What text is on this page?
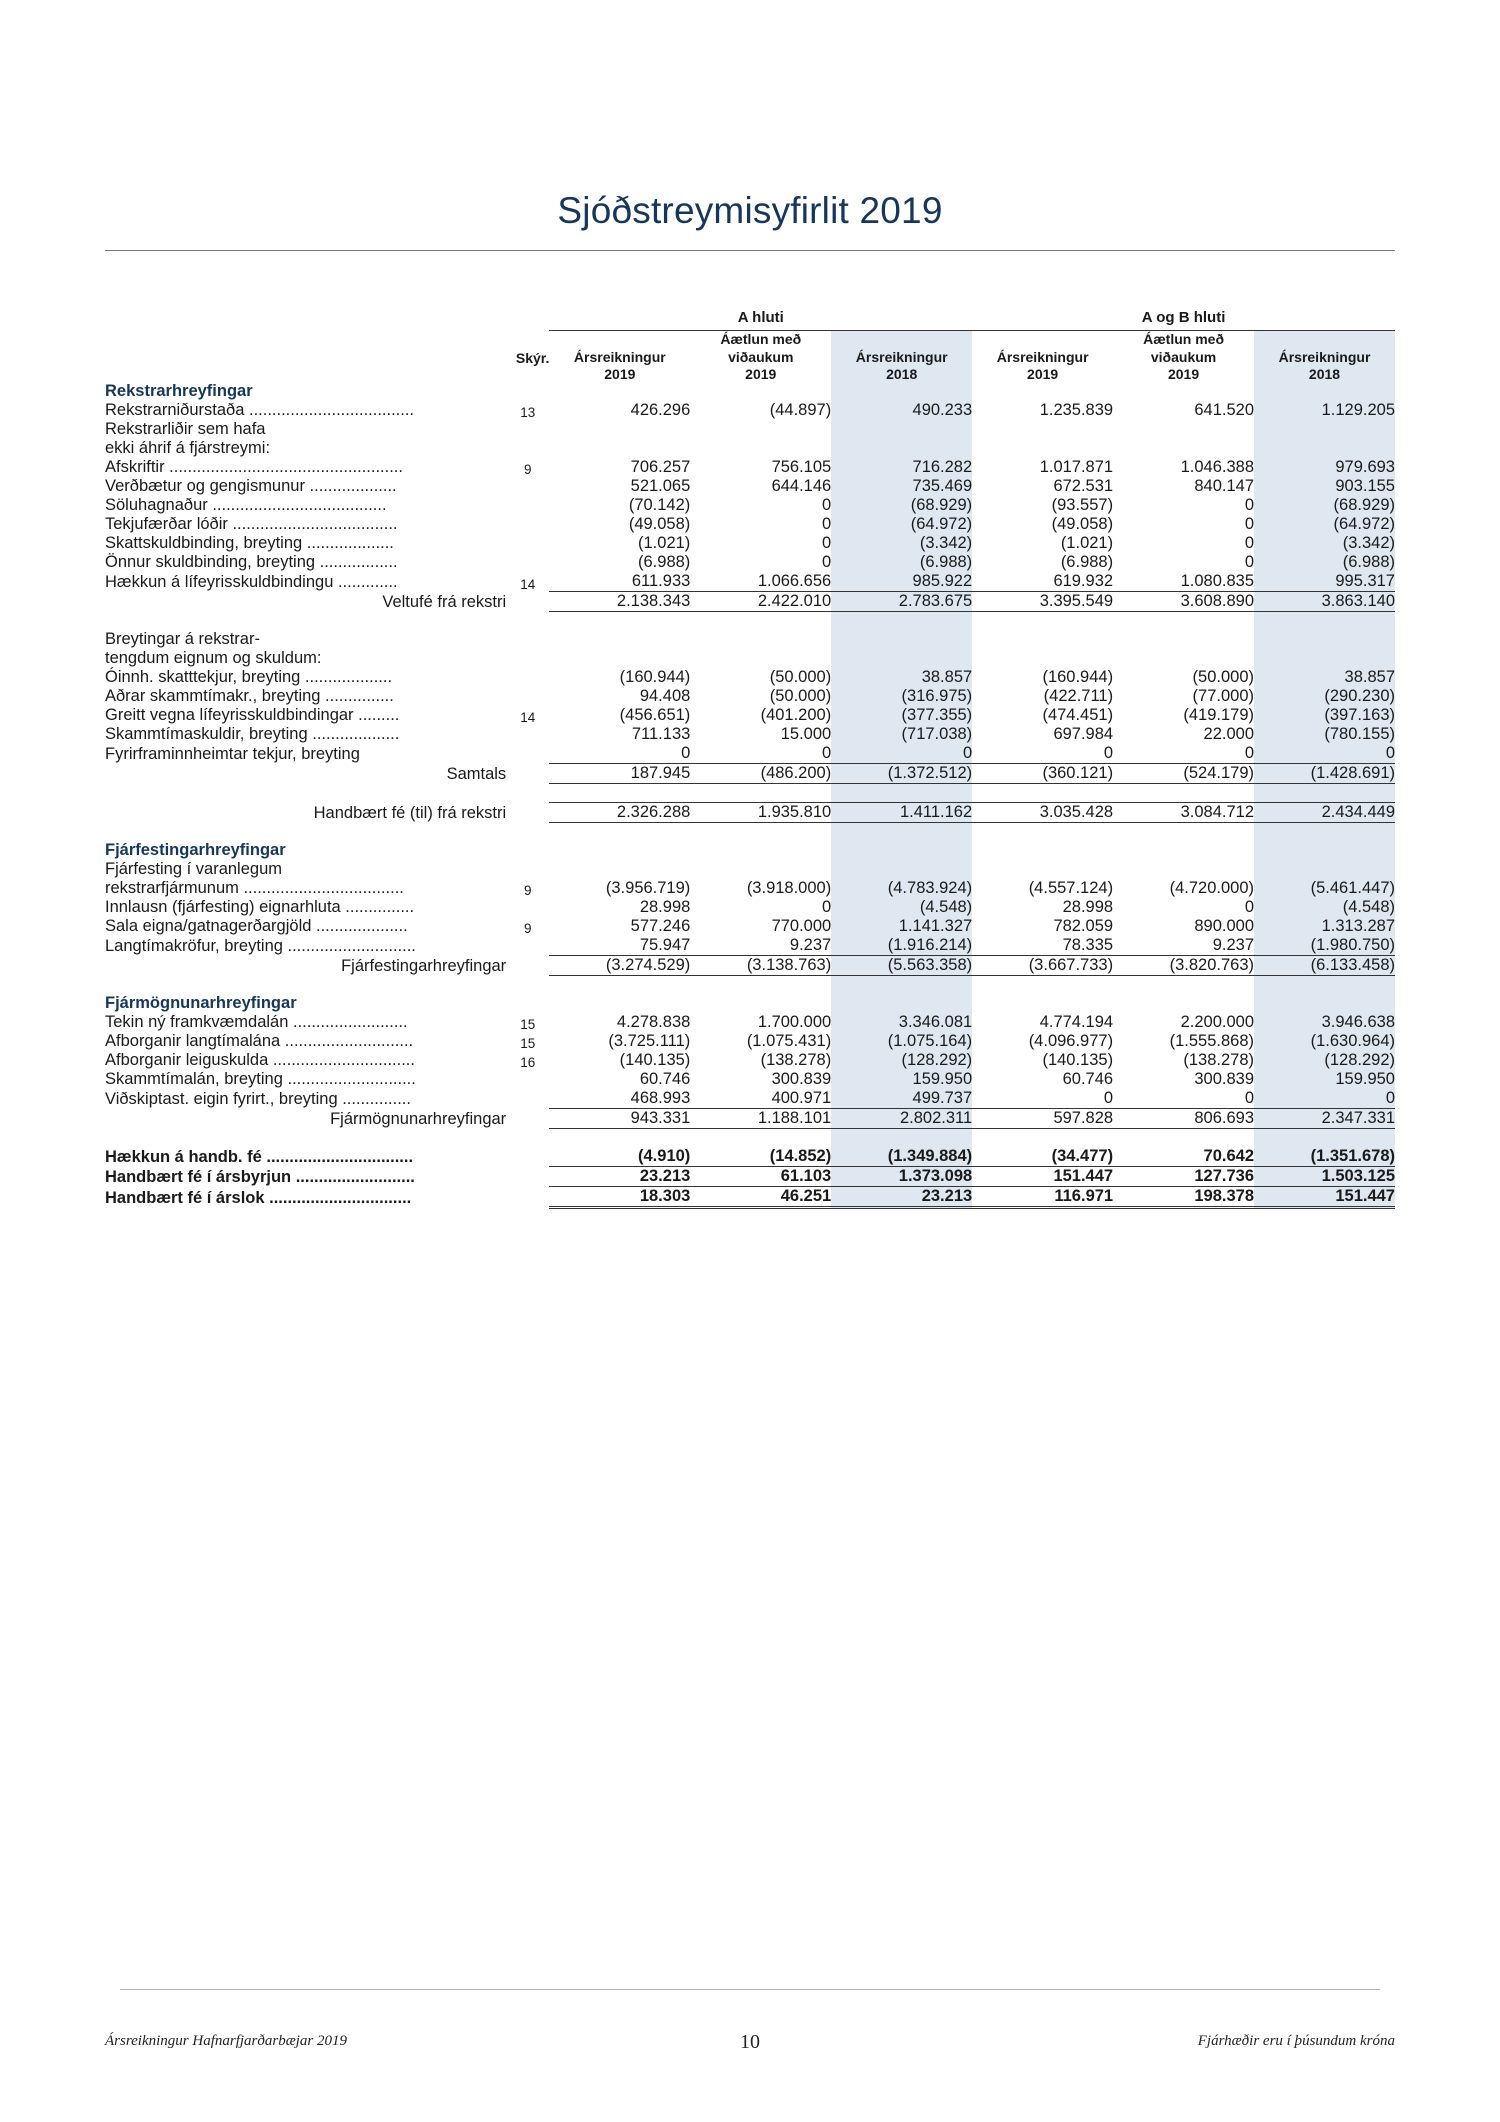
Sjóðstreymisyfirlit 2019

		A hluti			A og B hluti		

	Skýr.	Ársreikningur	Áætlun með viðaukum	Ársreikningur	Ársreikningur	Áætlun með viðaukum	Ársreikningur
		2019	2019	2018	2019	2019	2018
Rekstrarhreyfingar							
Rekstrarniðurstaða ....................................	13	426.296	(44.897)	490.233	1.235.839	641.520	1.129.205
Rekstrarliðir sem hafa							
ekki áhrif á fjárstreymi:							
Afskriftir ...................................................	9	706.257	756.105	716.282	1.017.871	1.046.388	979.693
Verðbætur og gengismunur ...................		521.065	644.146	735.469	672.531	840.147	903.155
Söluhagnaður ......................................		(70.142)	0	(68.929)	(93.557)	0	(68.929)
Tekjufærðar lóðir ....................................		(49.058)	0	(64.972)	(49.058)	0	(64.972)
Skattskuldbinding, breyting ...................		(1.021)	0	(3.342)	(1.021)	0	(3.342)
Önnur skuldbinding, breyting .................		(6.988)	0	(6.988)	(6.988)	0	(6.988)
Hækkun á lífeyrisskuldbindingu .............	14	611.933	1.066.656	985.922	619.932	1.080.835	995.317
Veltufé frá rekstri		2.138.343	2.422.010	2.783.675	3.395.549	3.608.890	3.863.140

Breytingar á rekstrar-							
tengdum eignum og skuldum:							
Óinnh. skatttekjur, breyting ...................		(160.944)	(50.000)	38.857	(160.944)	(50.000)	38.857
Aðrar skammtímakr., breyting ...............		94.408	(50.000)	(316.975)	(422.711)	(77.000)	(290.230)
Greitt vegna lífeyrisskuldbindingar .........	14	(456.651)	(401.200)	(377.355)	(474.451)	(419.179)	(397.163)
Skammtímaskuldir, breyting ...................		711.133	15.000	(717.038)	697.984	22.000	(780.155)
Fyrirframinnheimtar tekjur, breyting		0	0	0	0	0	0
Samtals		187.945	(486.200)	(1.372.512)	(360.121)	(524.179)	(1.428.691)

Handbært fé (til) frá rekstri		2.326.288	1.935.810	1.411.162	3.035.428	3.084.712	2.434.449

Fjárfestingarhreyfingar							
Fjárfesting í varanlegum							
rekstrarfjármunum ...................................	9	(3.956.719)	(3.918.000)	(4.783.924)	(4.557.124)	(4.720.000)	(5.461.447)
Innlausn (fjárfesting) eignarhluta ...............		28.998	0	(4.548)	28.998	0	(4.548)
Sala eigna/gatnagerðargjöld ....................	9	577.246	770.000	1.141.327	782.059	890.000	1.313.287
Langtímakröfur, breyting ............................		75.947	9.237	(1.916.214)	78.335	9.237	(1.980.750)
Fjárfestingarhreyfingar		(3.274.529)	(3.138.763)	(5.563.358)	(3.667.733)	(3.820.763)	(6.133.458)

Fjármögnunarhreyfingar							
Tekin ný framkvæmdalán .........................	15	4.278.838	1.700.000	3.346.081	4.774.194	2.200.000	3.946.638
Afborganir langtímalána ............................	15	(3.725.111)	(1.075.431)	(1.075.164)	(4.096.977)	(1.555.868)	(1.630.964)
Afborganir leiguskulda ...............................	16	(140.135)	(138.278)	(128.292)	(140.135)	(138.278)	(128.292)
Skammtímalán, breyting ............................		60.746	300.839	159.950	60.746	300.839	159.950
Viðskiptast. eigin fyrirt., breyting ...............		468.993	400.971	499.737	0	0	0
Fjármögnunarhreyfingar		943.331	1.188.101	2.802.311	597.828	806.693	2.347.331

Hækkun á handb. fé ................................		(4.910)	(14.852)	(1.349.884)	(34.477)	70.642	(1.351.678)
Handbært fé í ársbyrjun ..........................		23.213	61.103	1.373.098	151.447	127.736	1.503.125
Handbært fé í árslok ...............................		18.303	46.251	23.213	116.971	198.378	151.447
Ársreikningur Hafnarfjarðarbæjar 2019	10	Fjárhæðir eru í þúsundum króna
